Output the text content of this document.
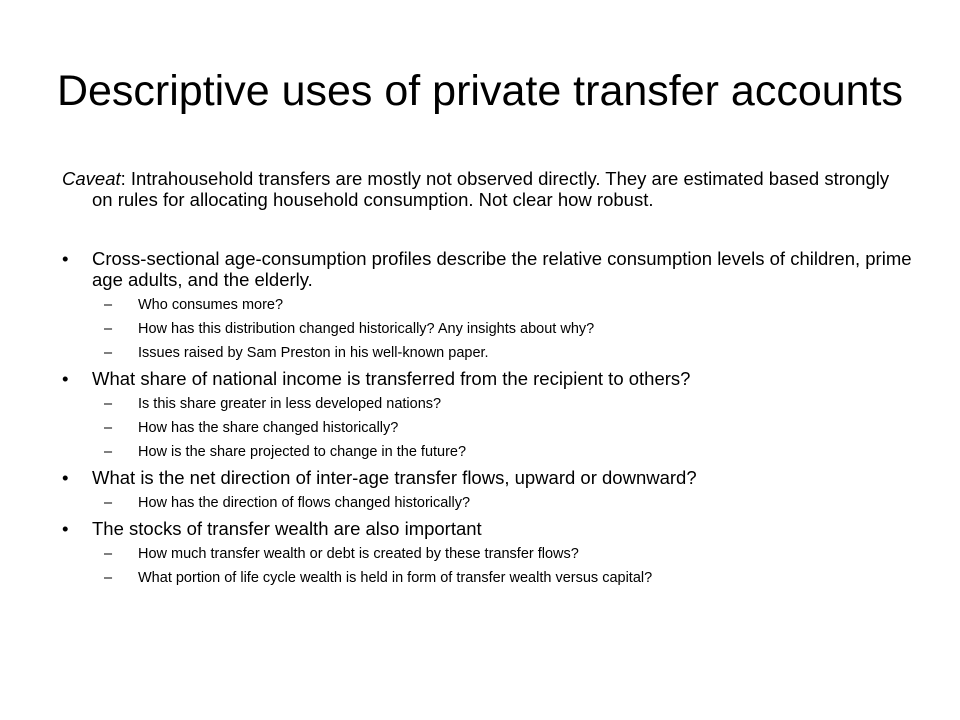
Descriptive uses of private transfer accounts

Caveat: Intrahousehold transfers are mostly not observed directly. They are estimated based strongly on rules for allocating household consumption. Not clear how robust.

•	Cross-sectional age-consumption profiles describe the relative consumption levels of children, prime age adults, and the elderly.
– Who consumes more?
– How has this distribution changed historically? Any insights about why?
– Issues raised by Sam Preston in his well-known paper.
•	What share of national income is transferred from the recipient to others?
– Is this share greater in less developed nations?
– How has the share changed historically?
– How is the share projected to change in the future?
•	What is the net direction of inter-age transfer flows, upward or downward?
– How has the direction of flows changed historically?
•	The stocks of transfer wealth are also important
– How much transfer wealth or debt is created by these transfer flows?
– What portion of life cycle wealth is held in form of transfer wealth versus capital?
